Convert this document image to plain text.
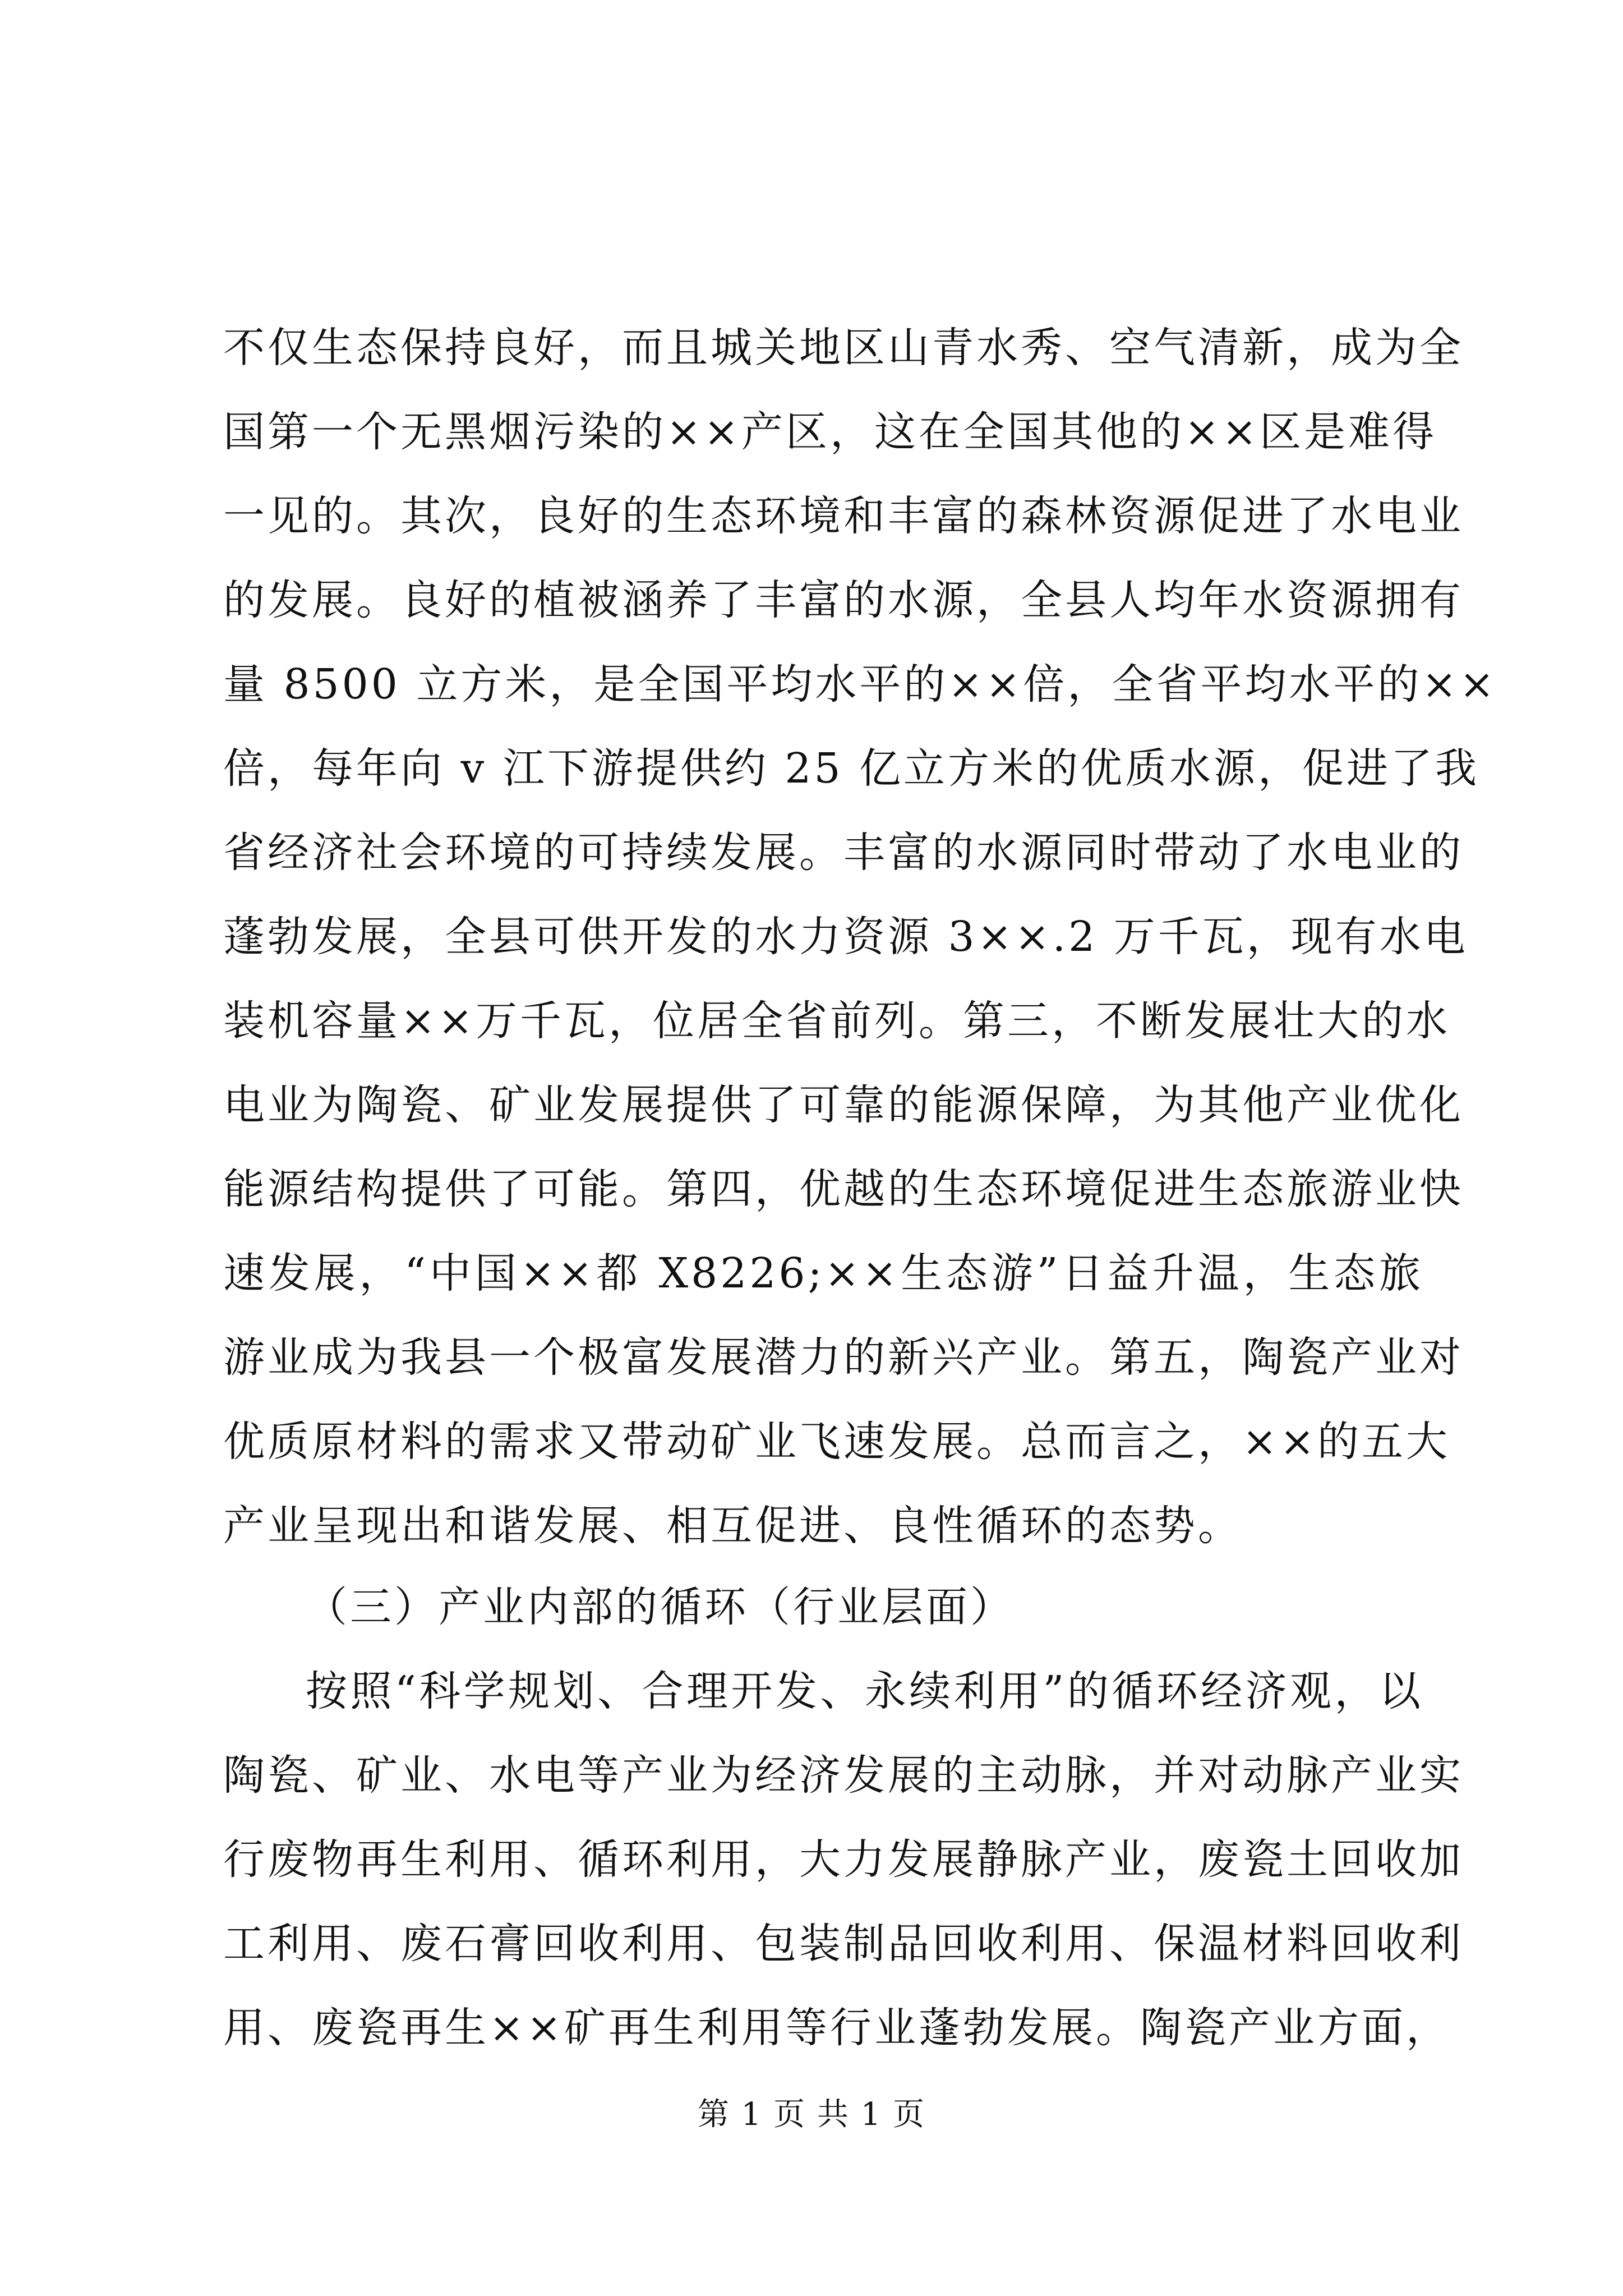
不仅生态保持良好，而且城关地区山青水秀、空气清新，成为全
国第一个无黑烟污染的××产区，这在全国其他的××区是难得
一见的。其次，良好的生态环境和丰富的森林资源促进了水电业
的发展。良好的植被涵养了丰富的水源，全县人均年水资源拥有
量 8500 立方米，是全国平均水平的××倍，全省平均水平的××
倍，每年向 v 江下游提供约 25 亿立方米的优质水源，促进了我
省经济社会环境的可持续发展。丰富的水源同时带动了水电业的
蓬勃发展，全县可供开发的水力资源 3××.2 万千瓦，现有水电
装机容量××万千瓦，位居全省前列。第三，不断发展壮大的水
电业为陶瓷、矿业发展提供了可靠的能源保障，为其他产业优化
能源结构提供了可能。第四，优越的生态环境促进生态旅游业快
速发展，“中国××都 X8226;××生态游”日益升温，生态旅
游业成为我县一个极富发展潜力的新兴产业。第五，陶瓷产业对
优质原材料的需求又带动矿业飞速发展。总而言之，××的五大
产业呈现出和谐发展、相互促进、良性循环的态势。
（三）产业内部的循环（行业层面）
按照“科学规划、合理开发、永续利用”的循环经济观，以
陶瓷、矿业、水电等产业为经济发展的主动脉，并对动脉产业实
行废物再生利用、循环利用，大力发展静脉产业，废瓷土回收加
工利用、废石膏回收利用、包装制品回收利用、保温材料回收利
用、废瓷再生××矿再生利用等行业蓬勃发展。陶瓷产业方面，
第 1 页 共 1 页
